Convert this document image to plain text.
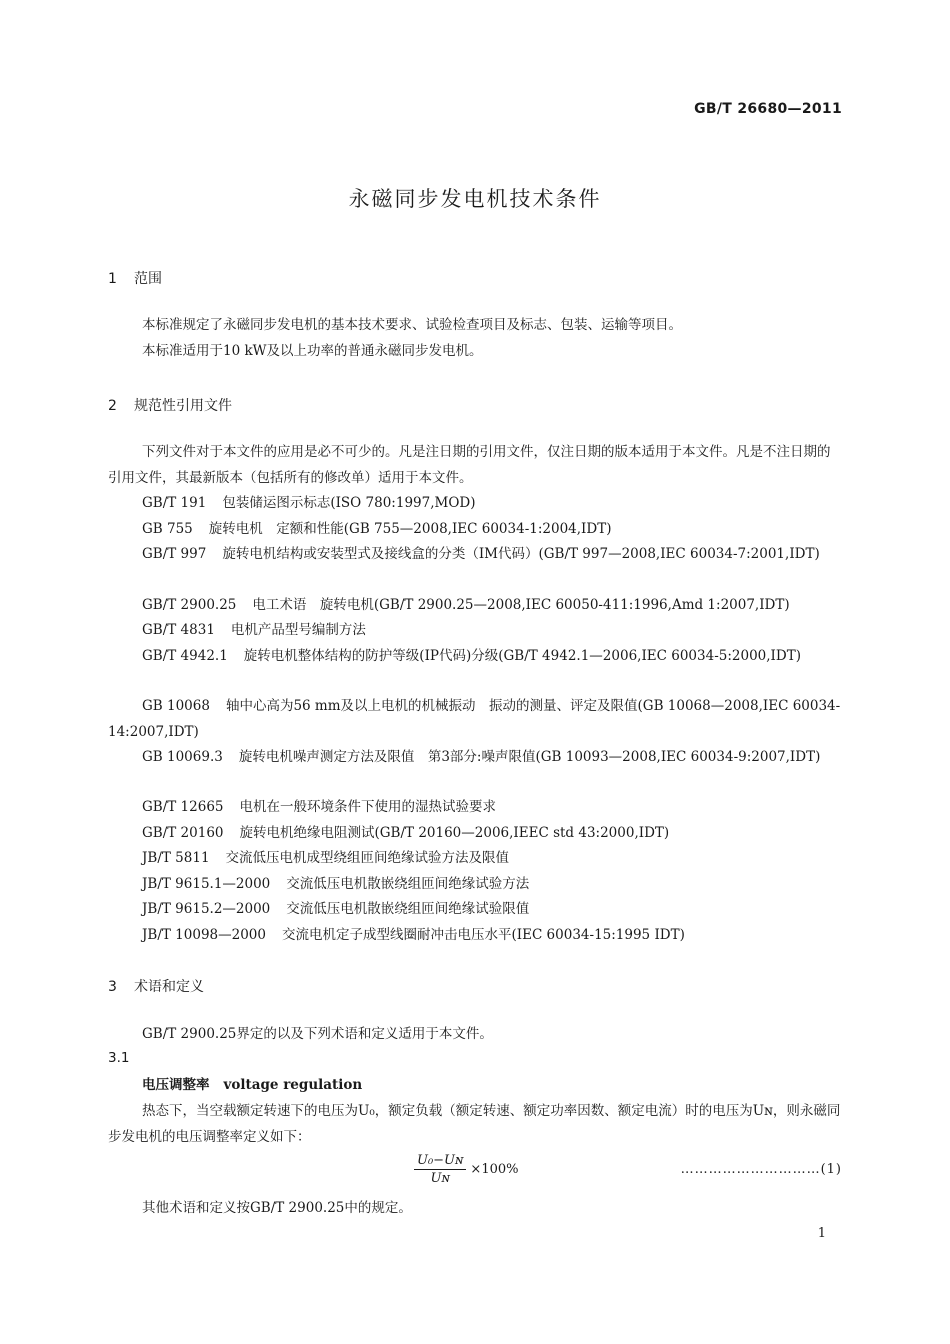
GB/T 26680—2011
永磁同步发电机技术条件
1 范围
本标准规定了永磁同步发电机的基本技术要求、试验检查项目及标志、包装、运输等项目。
本标准适用于10 kW及以上功率的普通永磁同步发电机。
2 规范性引用文件
下列文件对于本文件的应用是必不可少的。凡是注日期的引用文件，仅注日期的版本适用于本文件。凡是不注日期的引用文件，其最新版本（包括所有的修改单）适用于本文件。
GB/T 191 包装储运图示标志(ISO 780:1997,MOD)
GB 755 旋转电机　定额和性能(GB 755—2008,IEC 60034-1:2004,IDT)
GB/T 997 旋转电机结构或安装型式及接线盒的分类（IM代码）(GB/T 997—2008,IEC 60034-7:2001,IDT)
GB/T 2900.25 电工术语　旋转电机(GB/T 2900.25—2008,IEC 60050-411:1996,Amd 1:2007,IDT)
GB/T 4831 电机产品型号编制方法
GB/T 4942.1 旋转电机整体结构的防护等级(IP代码)分级(GB/T 4942.1—2006,IEC 60034-5:2000,IDT)
GB 10068 轴中心高为56 mm及以上电机的机械振动　振动的测量、评定及限值(GB 10068—2008,IEC 60034-14:2007,IDT)
GB 10069.3 旋转电机噪声测定方法及限值　第3部分:噪声限值(GB 10093—2008,IEC 60034-9:2007,IDT)
GB/T 12665 电机在一般环境条件下使用的湿热试验要求
GB/T 20160 旋转电机绝缘电阻测试(GB/T 20160—2006,IEEC std 43:2000,IDT)
JB/T 5811 交流低压电机成型绕组匝间绝缘试验方法及限值
JB/T 9615.1—2000 交流低压电机散嵌绕组匝间绝缘试验方法
JB/T 9615.2—2000 交流低压电机散嵌绕组匝间绝缘试验限值
JB/T 10098—2000 交流电机定子成型线圈耐冲击电压水平(IEC 60034-15:1995 IDT)
3 术语和定义
GB/T 2900.25界定的以及下列术语和定义适用于本文件。
3.1
电压调整率 voltage regulation
热态下，当空载额定转速下的电压为U₀，额定负载（额定转速、额定功率因数、额定电流）时的电压为Uɴ，则永磁同步发电机的电压调整率定义如下：
$\frac{\text{U₀−Uɴ}}{\text{Uɴ}} \times 100\%$	…………………………(1)
其他术语和定义按GB/T 2900.25中的规定。
1
